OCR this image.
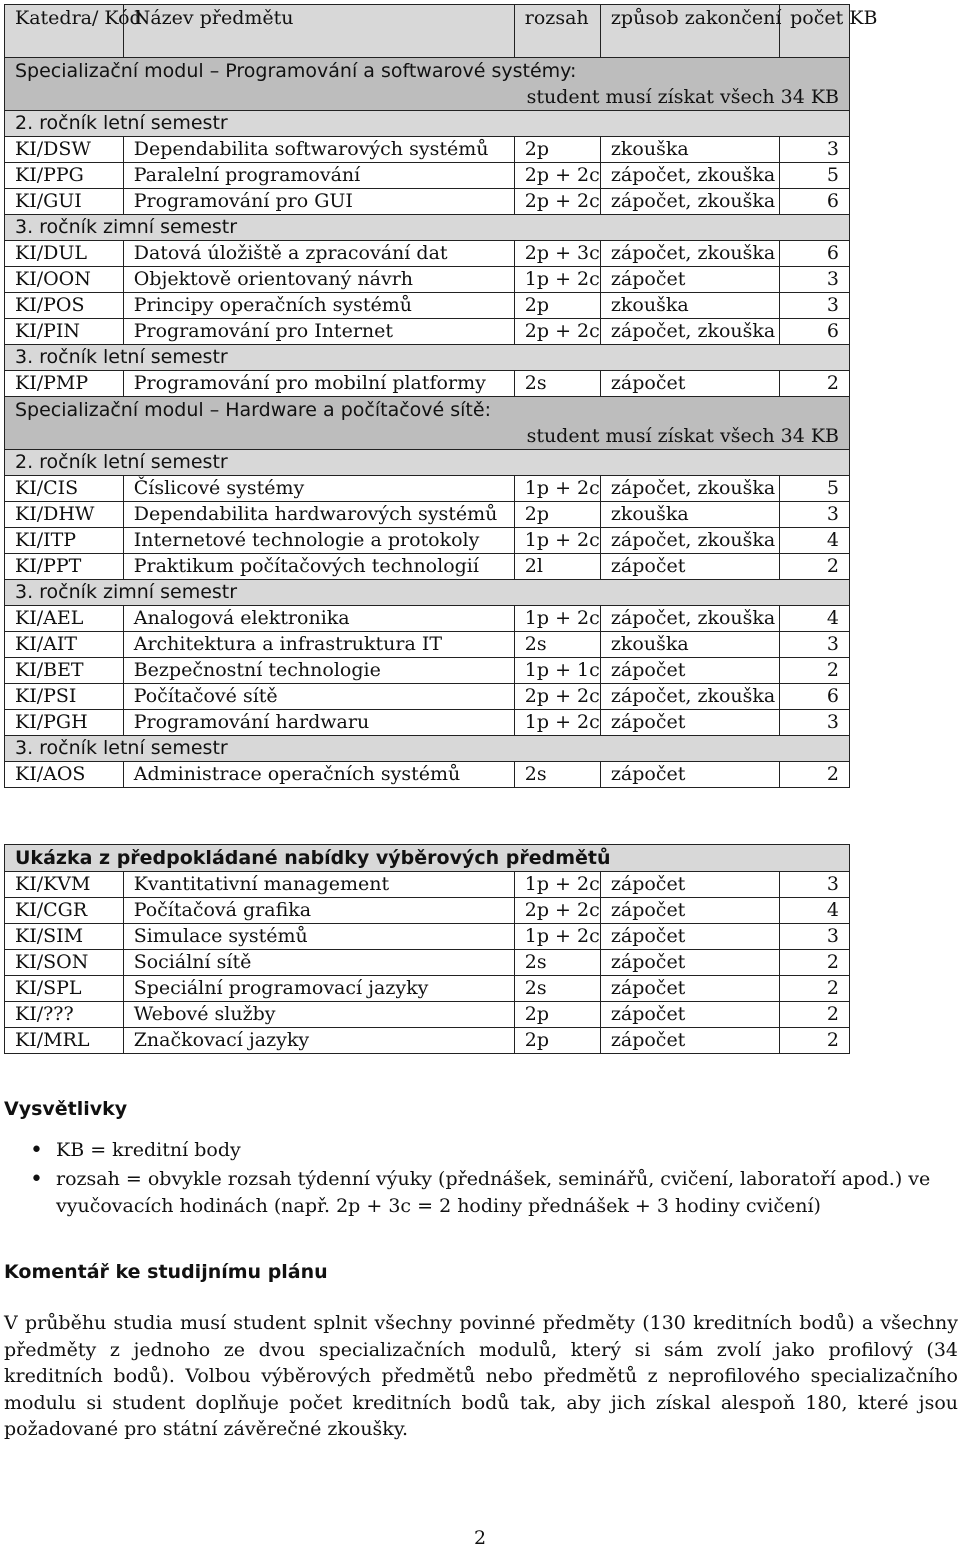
Katedra/ Kód	Název předmětu	rozsah	způsob zakončení	počet KB

Specializační modul – Programování a softwarové systémy:
student musí získat všech 34 KB				

2. ročník letní semestr				
KI/DSW	Dependabilita softwarových systémů	2p	zkouška	3
KI/PPG	Paralelní programování	2p + 2c	zápočet, zkouška	5
KI/GUI	Programování pro GUI	2p + 2c	zápočet, zkouška	6
3. ročník zimní semestr				
KI/DUL	Datová úložiště a zpracování dat	2p + 3c	zápočet, zkouška	6
KI/OON	Objektově orientovaný návrh	1p + 2c	zápočet	3
KI/POS	Principy operačních systémů	2p	zkouška	3
KI/PIN	Programování pro Internet	2p + 2c	zápočet, zkouška	6
3. ročník letní semestr				
KI/PMP	Programování pro mobilní platformy	2s	zápočet	2

Specializační modul – Hardware a počítačové sítě:
student musí získat všech 34 KB				

2. ročník letní semestr				
KI/CIS	Číslicové systémy	1p + 2c	zápočet, zkouška	5
KI/DHW	Dependabilita hardwarových systémů	2p	zkouška	3
KI/ITP	Internetové technologie a protokoly	1p + 2c	zápočet, zkouška	4
KI/PPT	Praktikum počítačových technologií	2l	zápočet	2
3. ročník zimní semestr				
KI/AEL	Analogová elektronika	1p + 2c	zápočet, zkouška	4
KI/AIT	Architektura a infrastruktura IT	2s	zkouška	3
KI/BET	Bezpečnostní technologie	1p + 1c	zápočet	2
KI/PSI	Počítačové sítě	2p + 2c	zápočet, zkouška	6
KI/PGH	Programování hardwaru	1p + 2c	zápočet	3
3. ročník letní semestr				
KI/AOS	Administrace operačních systémů	2s	zápočet	2
Ukázka z předpokládané nabídky výběrových předmětů				
KI/KVM	Kvantitativní management	1p + 2c	zápočet	3
KI/CGR	Počítačová grafika	2p + 2c	zápočet	4
KI/SIM	Simulace systémů	1p + 2c	zápočet	3
KI/SON	Sociální sítě	2s	zápočet	2
KI/SPL	Speciální programovací jazyky	2s	zápočet	2
KI/???	Webové služby	2p	zápočet	2
KI/MRL	Značkovací jazyky	2p	zápočet	2
Vysvětlivky
• KB = kreditní body
• rozsah = obvykle rozsah týdenní výuky (přednášek, seminářů, cvičení, laboratoří apod.) ve vyučovacích hodinách (např. 2p + 3c = 2 hodiny přednášek + 3 hodiny cvičení)
Komentář ke studijnímu plánu
V průběhu studia musí student splnit všechny povinné předměty (130 kreditních bodů) a všechny předměty z jednoho ze dvou specializačních modulů, který si sám zvolí jako profilový (34 kreditních bodů). Volbou výběrových předmětů nebo předmětů z neprofilového specializačního modulu si student doplňuje počet kreditních bodů tak, aby jich získal alespoň 180, které jsou požadované pro státní závěrečné zkoušky.
2
